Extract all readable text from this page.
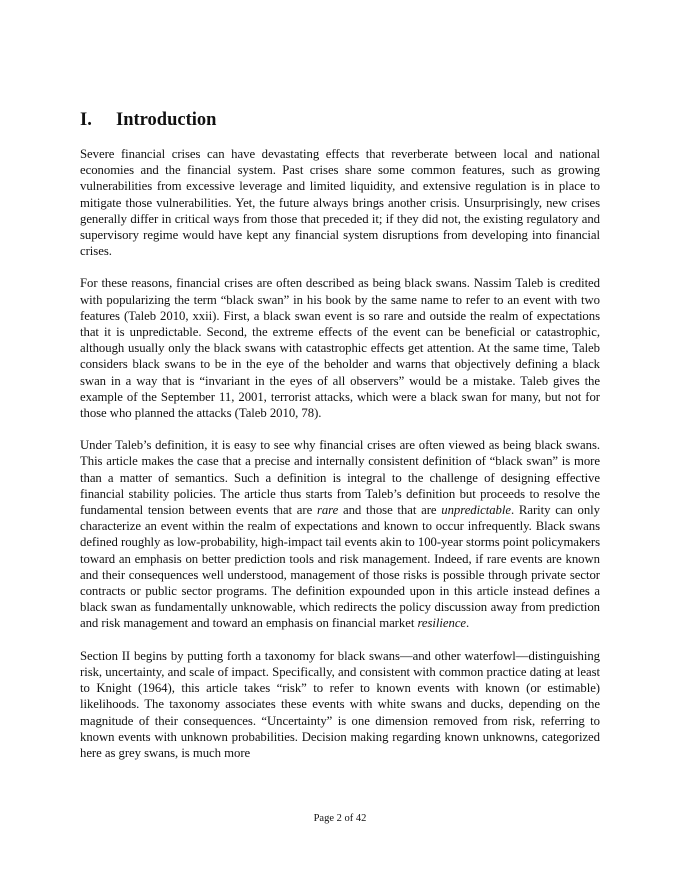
I. Introduction

Severe financial crises can have devastating effects that reverberate between local and national economies and the financial system. Past crises share some common features, such as growing vulnerabilities from excessive leverage and limited liquidity, and extensive regulation is in place to mitigate those vulnerabilities. Yet, the future always brings another crisis. Unsurprisingly, new crises generally differ in critical ways from those that preceded it; if they did not, the existing regulatory and supervisory regime would have kept any financial system disruptions from developing into financial crises.

For these reasons, financial crises are often described as being black swans. Nassim Taleb is credited with popularizing the term “black swan” in his book by the same name to refer to an event with two features (Taleb 2010, xxii). First, a black swan event is so rare and outside the realm of expectations that it is unpredictable. Second, the extreme effects of the event can be beneficial or catastrophic, although usually only the black swans with catastrophic effects get attention. At the same time, Taleb considers black swans to be in the eye of the beholder and warns that objectively defining a black swan in a way that is “invariant in the eyes of all observers” would be a mistake. Taleb gives the example of the September 11, 2001, terrorist attacks, which were a black swan for many, but not for those who planned the attacks (Taleb 2010, 78).

Under Taleb’s definition, it is easy to see why financial crises are often viewed as being black swans. This article makes the case that a precise and internally consistent definition of “black swan” is more than a matter of semantics. Such a definition is integral to the challenge of designing effective financial stability policies. The article thus starts from Taleb’s definition but proceeds to resolve the fundamental tension between events that are rare and those that are unpredictable. Rarity can only characterize an event within the realm of expectations and known to occur infrequently. Black swans defined roughly as low-probability, high-impact tail events akin to 100-year storms point policymakers toward an emphasis on better prediction tools and risk management. Indeed, if rare events are known and their consequences well understood, management of those risks is possible through private sector contracts or public sector programs. The definition expounded upon in this article instead defines a black swan as fundamentally unknowable, which redirects the policy discussion away from prediction and risk management and toward an emphasis on financial market resilience.

Section II begins by putting forth a taxonomy for black swans—and other waterfowl—distinguishing risk, uncertainty, and scale of impact. Specifically, and consistent with common practice dating at least to Knight (1964), this article takes “risk” to refer to known events with known (or estimable) likelihoods. The taxonomy associates these events with white swans and ducks, depending on the magnitude of their consequences. “Uncertainty” is one dimension removed from risk, referring to known events with unknown probabilities. Decision making regarding known unknowns, categorized here as grey swans, is much more

Page 2 of 42
